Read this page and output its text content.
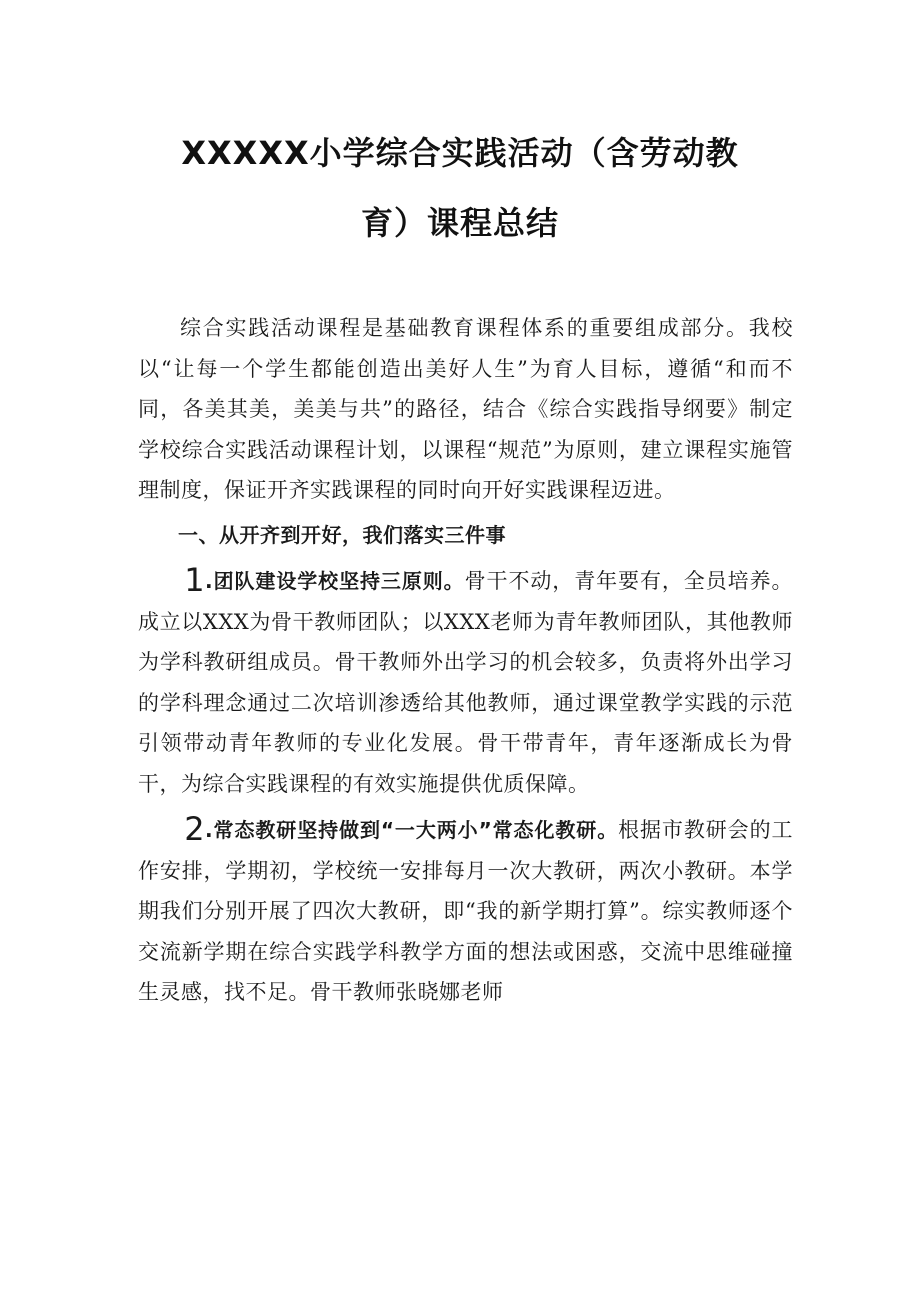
XXXXX小学综合实践活动（含劳动教
育）课程总结

综合实践活动课程是基础教育课程体系的重要组成部分。我校以“让每一个学生都能创造出美好人生”为育人目标，遵循“和而不同，各美其美，美美与共”的路径，结合《综合实践指导纲要》制定学校综合实践活动课程计划，以课程“规范”为原则，建立课程实施管理制度，保证开齐实践课程的同时向开好实践课程迈进。

一、从开齐到开好，我们落实三件事

1.团队建设学校坚持三原则。骨干不动，青年要有，全员培养。成立以XXX为骨干教师团队；以XXX老师为青年教师团队，其他教师为学科教研组成员。骨干教师外出学习的机会较多，负责将外出学习的学科理念通过二次培训渗透给其他教师，通过课堂教学实践的示范引领带动青年教师的专业化发展。骨干带青年，青年逐渐成长为骨干，为综合实践课程的有效实施提供优质保障。

2.常态教研坚持做到“一大两小”常态化教研。根据市教研会的工作安排，学期初，学校统一安排每月一次大教研，两次小教研。本学期我们分别开展了四次大教研，即“我的新学期打算”。综实教师逐个交流新学期在综合实践学科教学方面的想法或困惑，交流中思维碰撞生灵感，找不足。骨干教师张晓娜老师
